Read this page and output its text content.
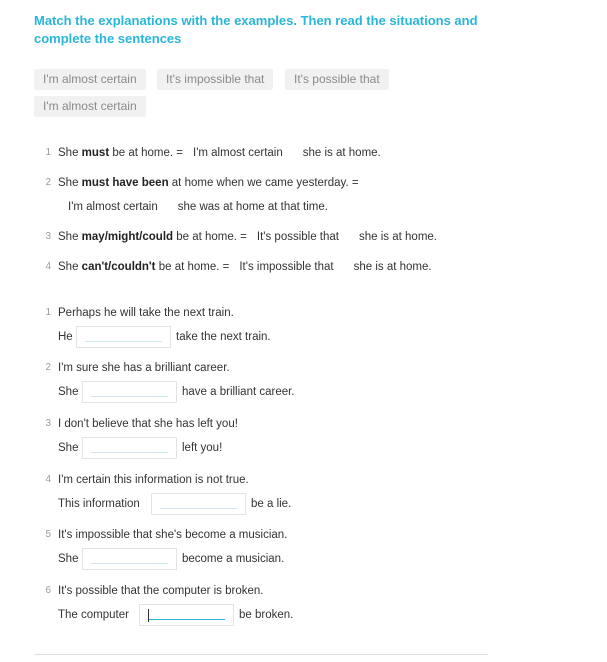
Match the explanations with the examples. Then read the situations and complete the sentences
I'm almost certain	It's impossible that	It's possible that
I'm almost certain
1 She must be at home. = I'm almost certain she is at home.
2 She must have been at home when we came yesterday. =
I'm almost certain she was at home at that time.
3 She may/might/could be at home. = It's possible that she is at home.
4 She can't/couldn't be at home. = It's impossible that she is at home.
1 Perhaps he will take the next train.
He	take the next train.
2 I'm sure she has a brilliant career.
She	have a brilliant career.
3 I don't believe that she has left you!
She	left you!
4 I'm certain this information is not true.
This information	be a lie.
5 It's impossible that she's become a musician.
She	become a musician.
6 It's possible that the computer is broken.
The computer	be broken.
